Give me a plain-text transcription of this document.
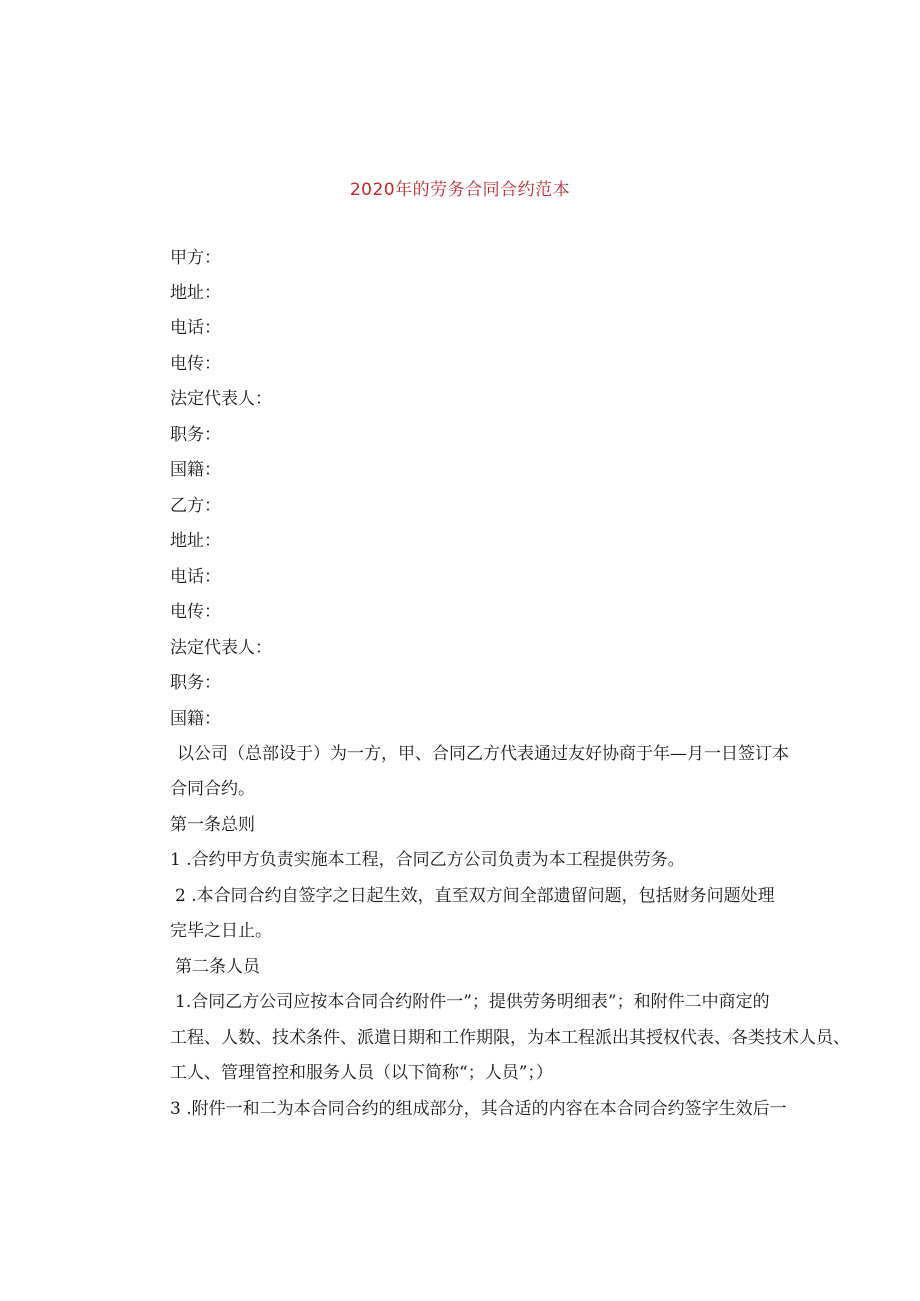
2020年的劳务合同合约范本
甲方：
地址：
电话：
电传：
法定代表人：
职务：
国籍：
乙方：
地址：
电话：
电传：
法定代表人：
职务：
国籍：
以公司（总部设于）为一方，甲、合同乙方代表通过友好协商于年—月一日签订本
合同合约。
第一条总则
1 .合约甲方负责实施本工程，合同乙方公司负责为本工程提供劳务。
2 .本合同合约自签字之日起生效，直至双方间全部遗留问题，包括财务问题处理
完毕之日止。
第二条人员
1.合同乙方公司应按本合同合约附件一”；提供劳务明细表”；和附件二中商定的
工程、人数、技术条件、派遣日期和工作期限，为本工程派出其授权代表、各类技术人员、
工人、管理管控和服务人员（以下简称“；人员”；）
3 .附件一和二为本合同合约的组成部分，其合适的内容在本合同合约签字生效后一
